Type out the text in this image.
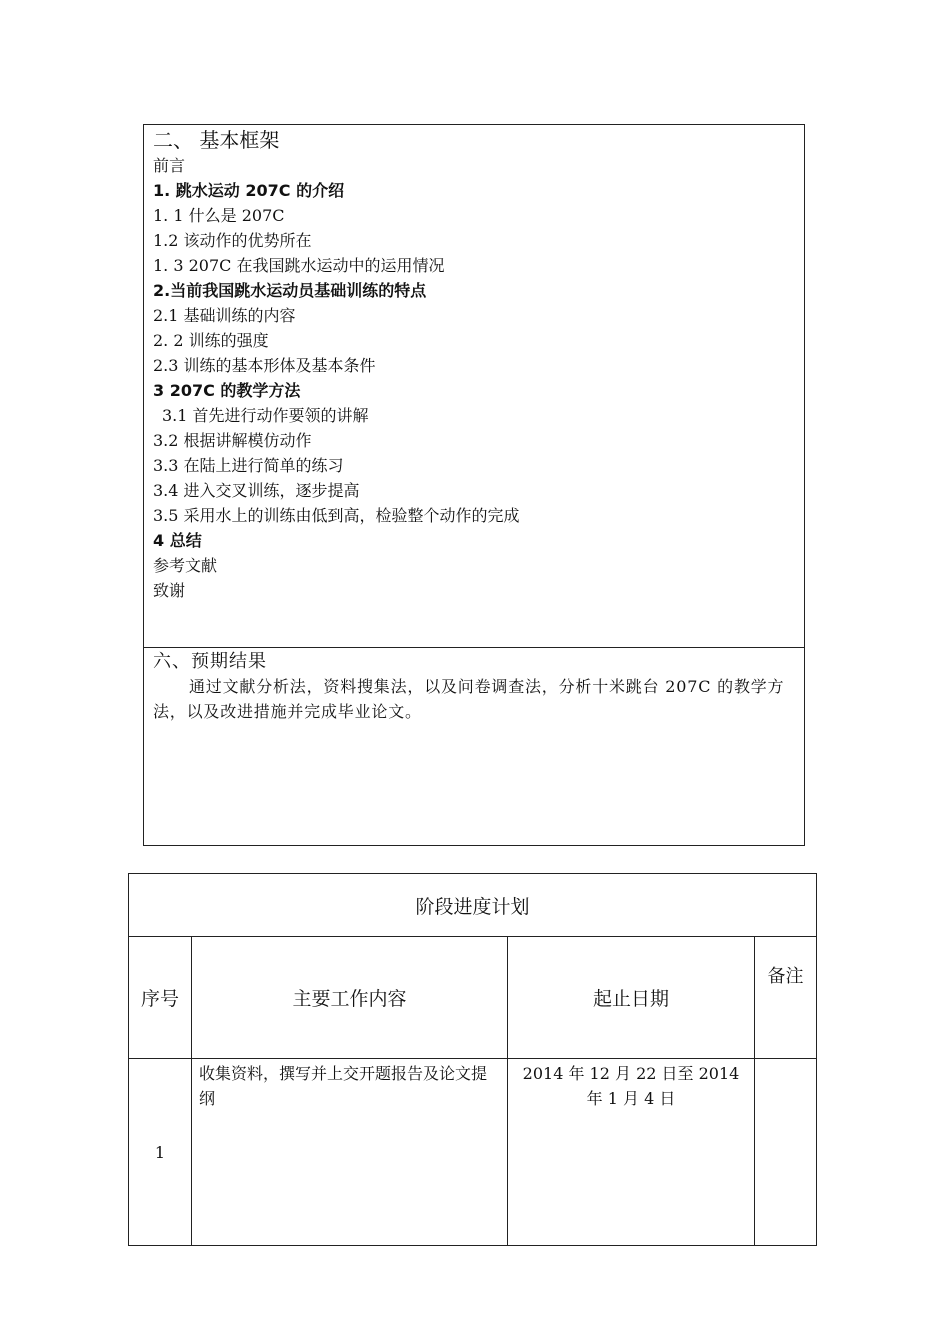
二、 基本框架
前言
1. 跳水运动 207C 的介绍
1. 1 什么是 207C
1.2 该动作的优势所在
1. 3 207C 在我国跳水运动中的运用情况
2.当前我国跳水运动员基础训练的特点
2.1 基础训练的内容
2. 2 训练的强度
2.3 训练的基本形体及基本条件
3 207C 的教学方法
3.1 首先进行动作要领的讲解
3.2 根据讲解模仿动作
3.3 在陆上进行简单的练习
3.4 进入交叉训练，逐步提高
3.5 采用水上的训练由低到高，检验整个动作的完成
4 总结
参考文献
致谢
六、预期结果

通过文献分析法，资料搜集法，以及问卷调查法，分析十米跳台 207C 的教学方法，以及改进措施并完成毕业论文。

阶段进度计划			
序号	主要工作内容	起止日期	备注
1	收集资料，撰写并上交开题报告及论文提纲	2014 年 12 月 22 日至 2014 年 1 月 4 日	
